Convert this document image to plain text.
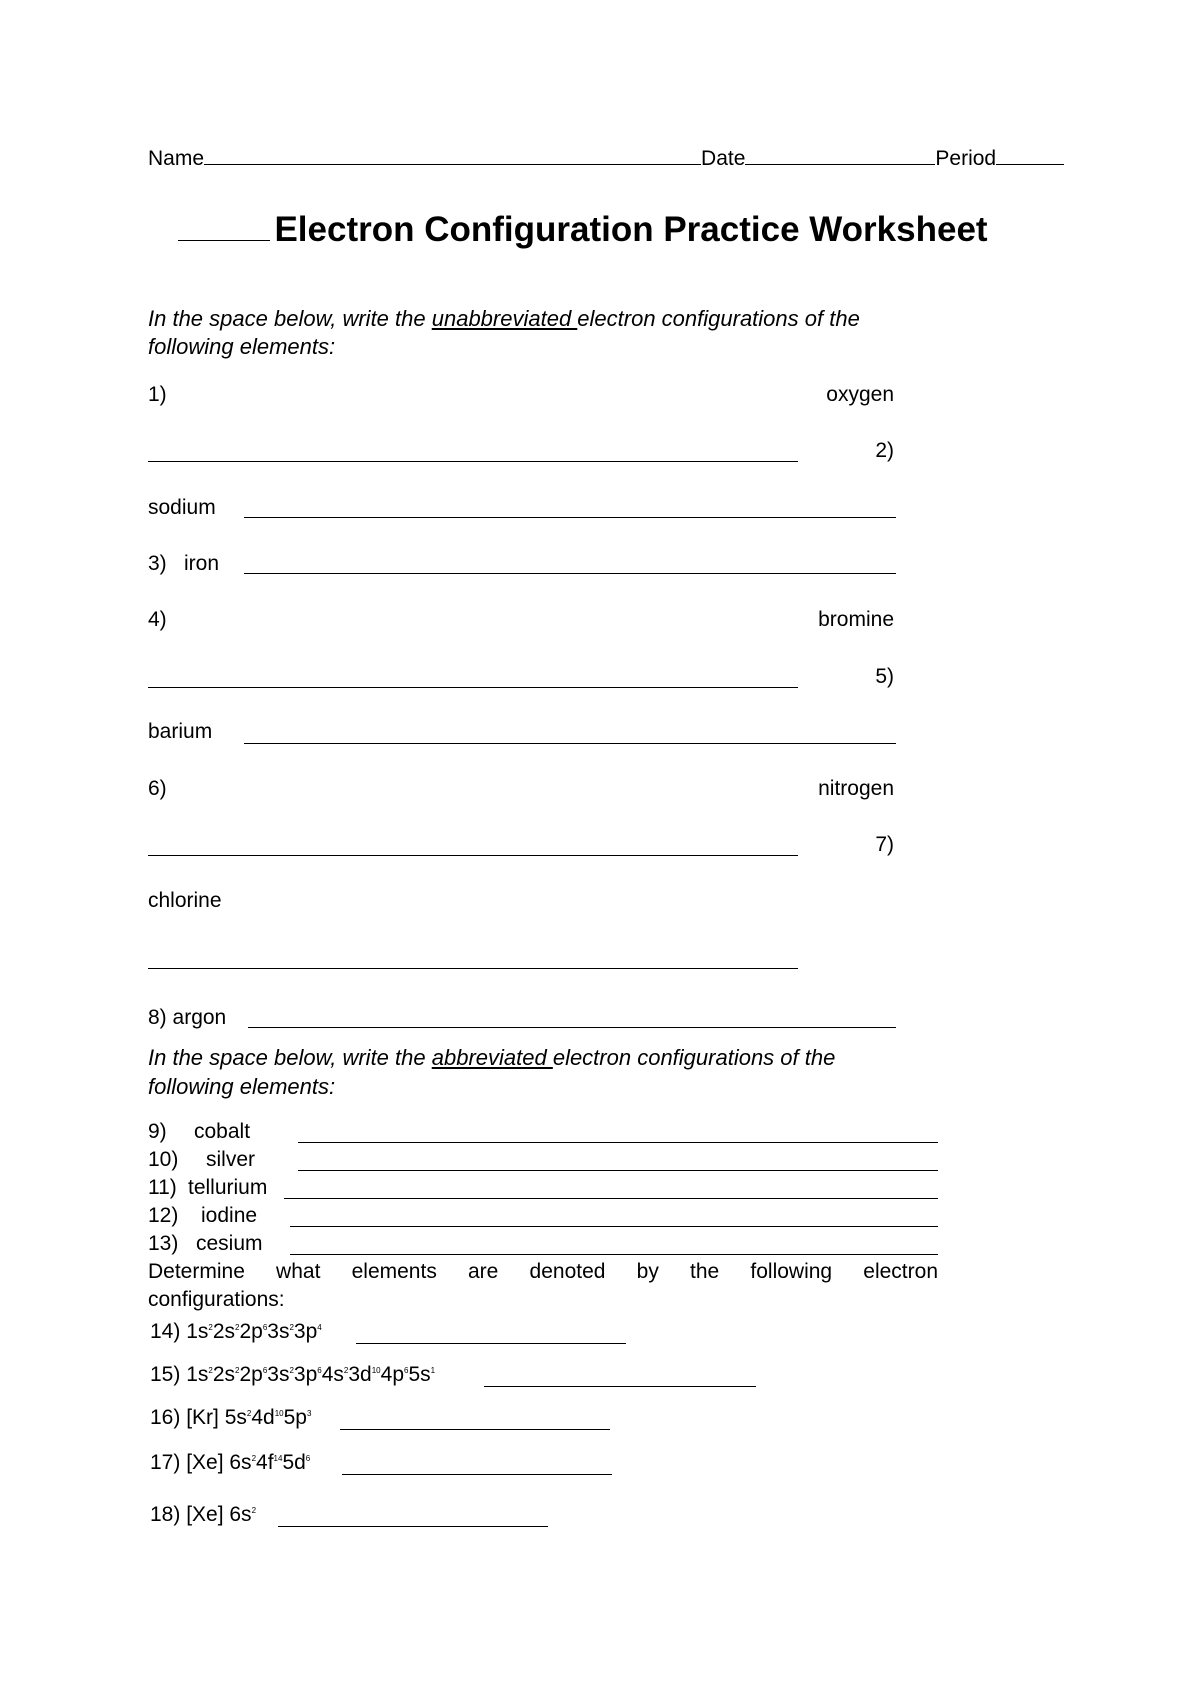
Name	Date	Period
Electron Configuration Practice Worksheet
In the space below, write the unabbreviated electron configurations of the
following elements:
1)	oxygen
2)
sodium
3) iron
4)	bromine
5)
barium
6)	nitrogen
7)
chlorine
8) argon
In the space below, write the abbreviated electron configurations of the
following elements:
9) cobalt
10) silver
11) tellurium
12) iodine
13) cesium
Determine what elements are denoted by the following electron
configurations:
14) $1s^22s^22p^63s^23p^4$
15) $1s^22s^22p^63s^23p^64s^23d^{10}4p^65s^1$
16) [Kr] $5s^24d^{10}5p^3$
17) [Xe] $6s^24f^{14}5d^6$
18) [Xe] $6s^2$
